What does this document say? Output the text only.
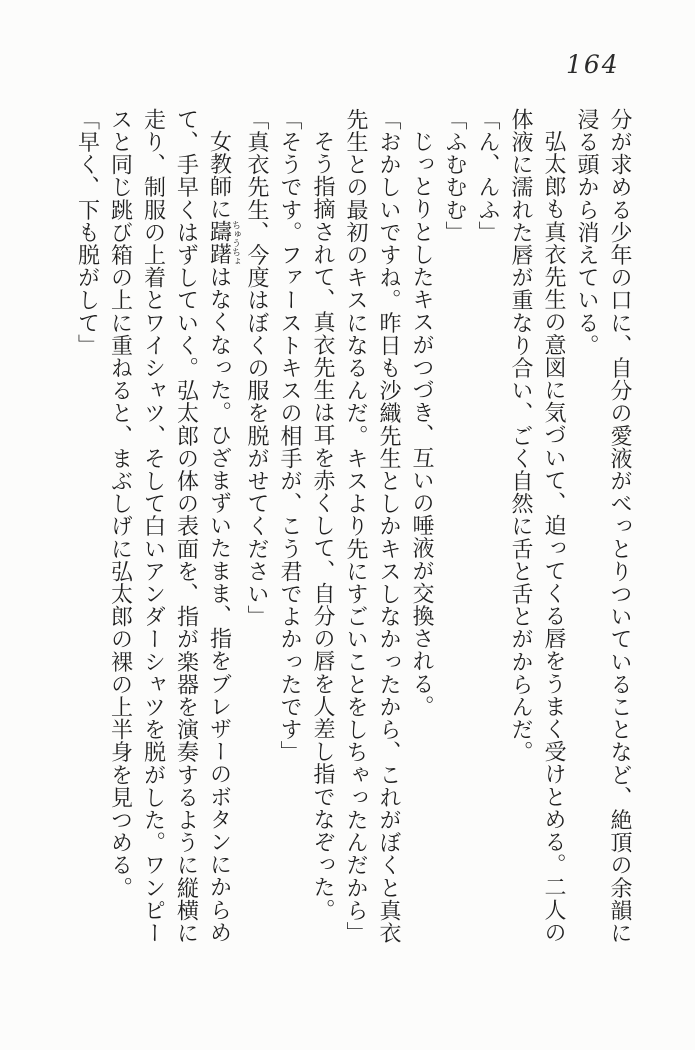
164

分が求める少年の口に、自分の愛液がべっとりついていることなど、絶頂の余韻に浸る頭から消えている。

弘太郎も真衣先生の意図に気づいて、迫ってくる唇をうまく受けとめる。二人の体液に濡れた唇が重なり合い、ごく自然に舌と舌とがからんだ。

「ん、んふ」

「ふむむむ」

じっとりとしたキスがつづき、互いの唾液が交換される。

「おかしいですね。昨日も沙織先生としかキスしなかったから、これがぼくと真衣先生との最初のキスになるんだ。キスより先にすごいことをしちゃったんだから」

そう指摘されて、真衣先生は耳を赤くして、自分の唇を人差し指でなぞった。

「そうです。ファーストキスの相手が、こう君でよかったです」

「真衣先生、今度はぼくの服を脱がせてください」

女教師に躊躇ちゅうちょはなくなった。ひざまずいたまま、指をブレザーのボタンにからめて、手早くはずしていく。弘太郎の体の表面を、指が楽器を演奏するように縦横に走り、制服の上着とワイシャツ、そして白いアンダーシャツを脱がした。ワンピースと同じ跳び箱の上に重ねると、まぶしげに弘太郎の裸の上半身を見つめる。

「早く、下も脱がして」
